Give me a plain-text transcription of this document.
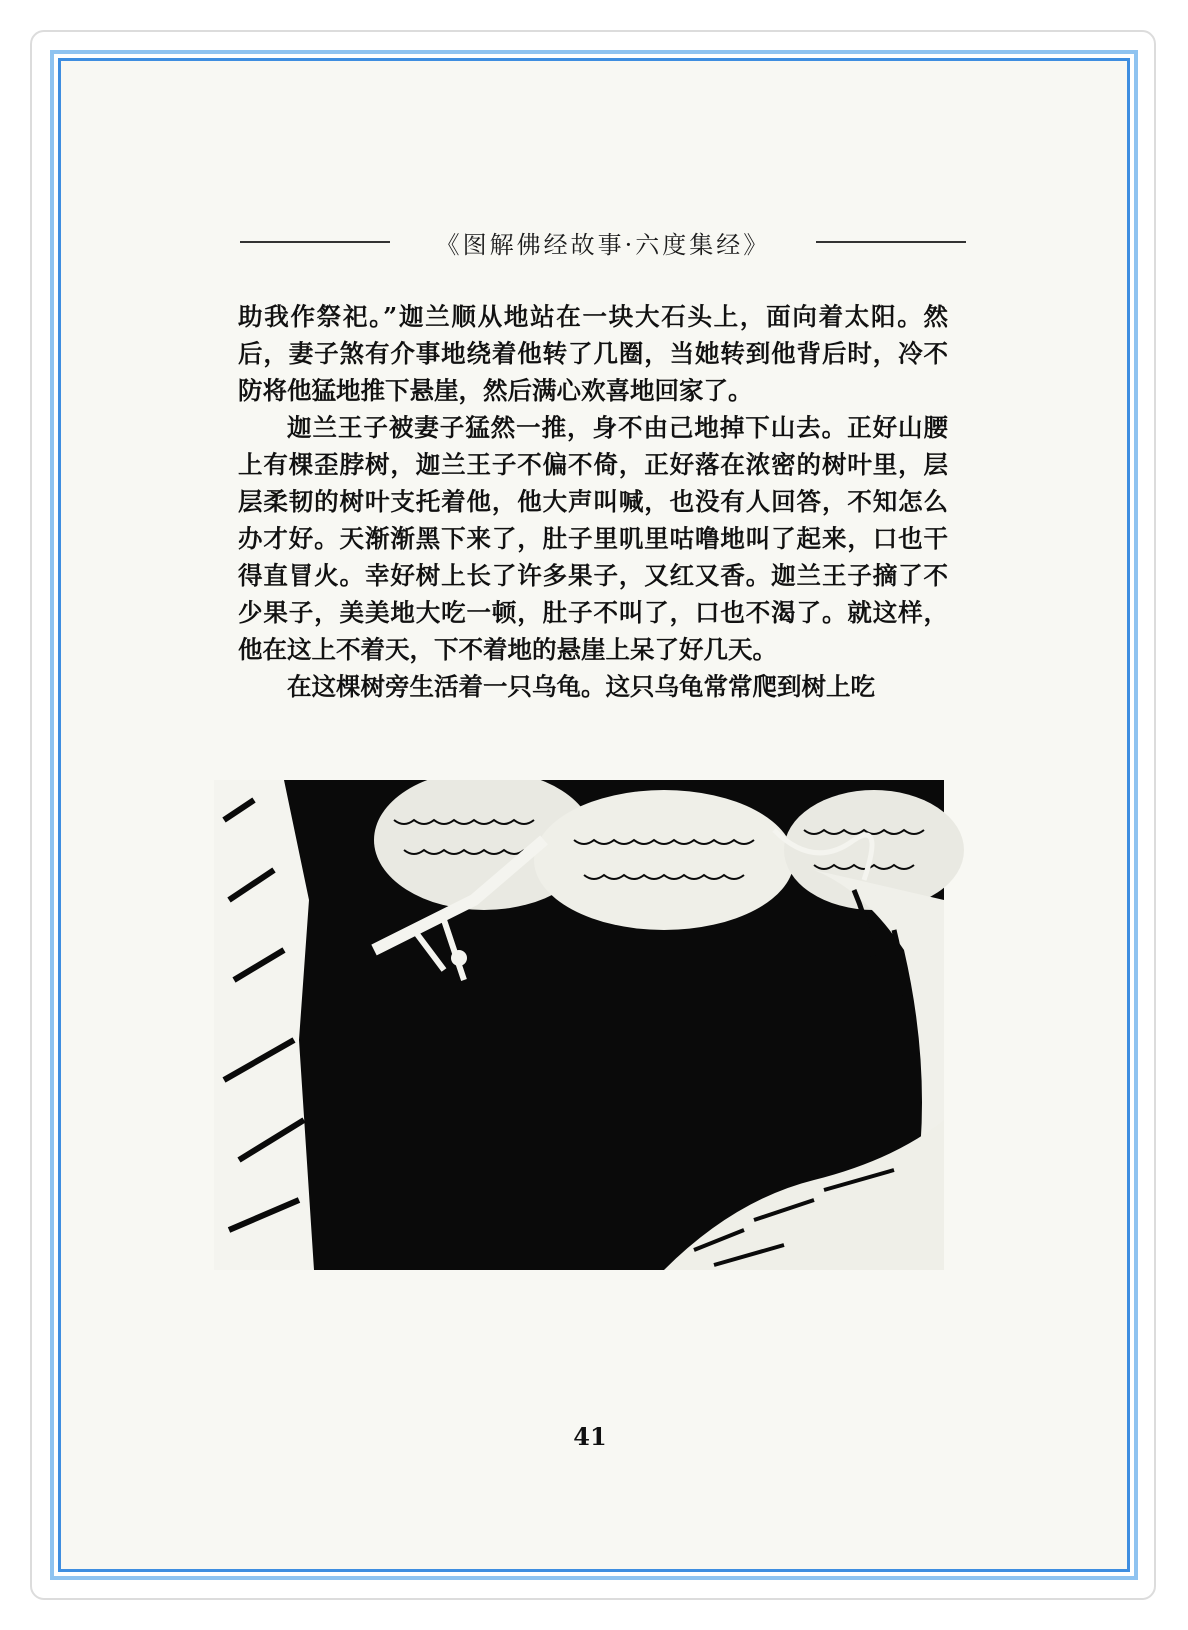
《图解佛经故事·六度集经》

助我作祭祀。”迦兰顺从地站在一块大石头上，面向着太阳。然后，妻子煞有介事地绕着他转了几圈，当她转到他背后时，冷不防将他猛地推下悬崖，然后满心欢喜地回家了。

迦兰王子被妻子猛然一推，身不由己地掉下山去。正好山腰上有棵歪脖树，迦兰王子不偏不倚，正好落在浓密的树叶里，层层柔韧的树叶支托着他，他大声叫喊，也没有人回答，不知怎么办才好。天渐渐黑下来了，肚子里叽里咕噜地叫了起来，口也干得直冒火。幸好树上长了许多果子，又红又香。迦兰王子摘了不少果子，美美地大吃一顿，肚子不叫了，口也不渴了。就这样，他在这上不着天，下不着地的悬崖上呆了好几天。

在这棵树旁生活着一只乌龟。这只乌龟常常爬到树上吃

41
